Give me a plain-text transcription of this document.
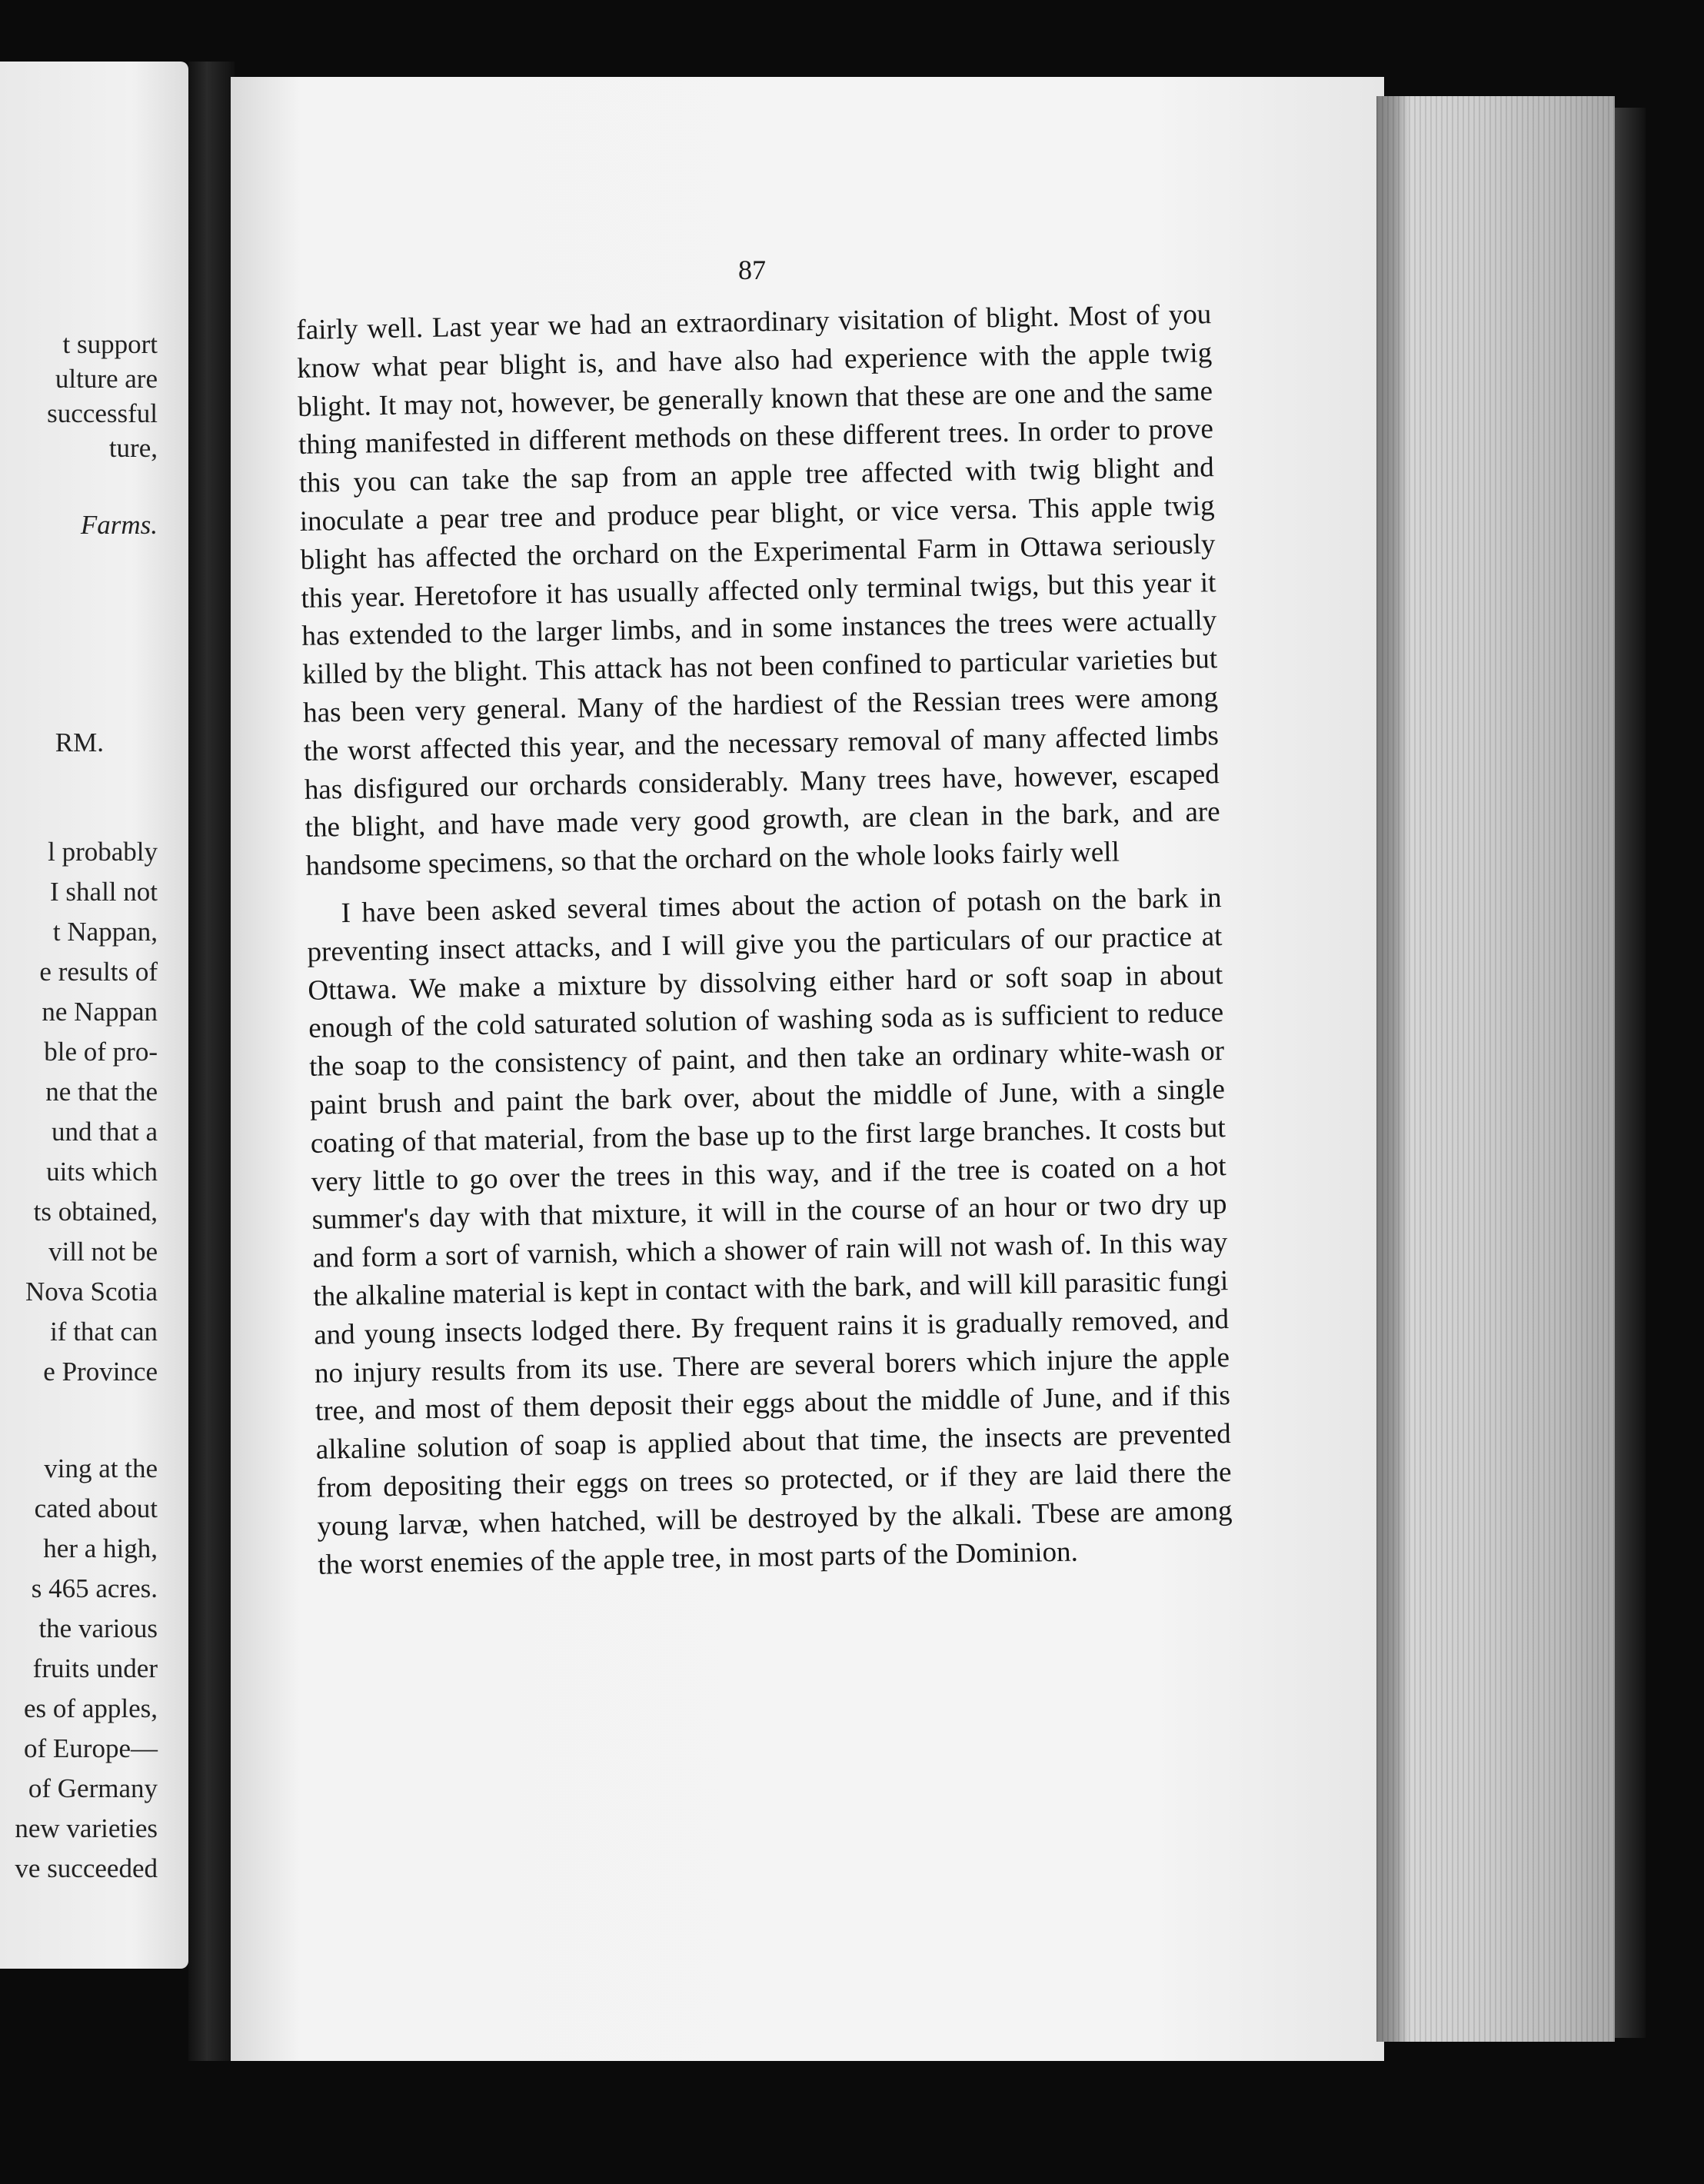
t support
ulture are
successful
ture,
Farms.
RM.
l probably
I shall not
t Nappan,
e results of
ne Nappan
ble of pro-
ne that the
und that a
uits which
ts obtained,
vill not be
Nova Scotia
if that can
e Province
ving at the
cated about
her a high,
s 465 acres.
the various
fruits under
es of apples,
of Europe—
of Germany
new varieties
ve succeeded
87

fairly well. Last year we had an extraordinary visitation of blight. Most of you know what pear blight is, and have also had experience with the apple twig blight. It may not, however, be generally known that these are one and the same thing manifested in different methods on these different trees. In order to prove this you can take the sap from an apple tree affected with twig blight and inoculate a pear tree and produce pear blight, or vice versa. This apple twig blight has affected the orchard on the Experimental Farm in Ottawa seriously this year. Heretofore it has usually affected only terminal twigs, but this year it has extended to the larger limbs, and in some instances the trees were actually killed by the blight. This attack has not been confined to particular varieties but has been very general. Many of the hardiest of the Ressian trees were among the worst affected this year, and the necessary removal of many affected limbs has disfigured our orchards considerably. Many trees have, however, escaped the blight, and have made very good growth, are clean in the bark, and are handsome specimens, so that the orchard on the whole looks fairly well

I have been asked several times about the action of potash on the bark in preventing insect attacks, and I will give you the particulars of our practice at Ottawa. We make a mixture by dissolving either hard or soft soap in about enough of the cold saturated solution of washing soda as is sufficient to reduce the soap to the consistency of paint, and then take an ordinary white-wash or paint brush and paint the bark over, about the middle of June, with a single coating of that material, from the base up to the first large branches. It costs but very little to go over the trees in this way, and if the tree is coated on a hot summer's day with that mixture, it will in the course of an hour or two dry up and form a sort of varnish, which a shower of rain will not wash of. In this way the alkaline material is kept in contact with the bark, and will kill parasitic fungi and young insects lodged there. By frequent rains it is gradually removed, and no injury results from its use. There are several borers which injure the apple tree, and most of them deposit their eggs about the middle of June, and if this alkaline solution of soap is applied about that time, the insects are prevented from depositing their eggs on trees so protected, or if they are laid there the young larvæ, when hatched, will be destroyed by the alkali. Tbese are among the worst enemies of the apple tree, in most parts of the Dominion.
